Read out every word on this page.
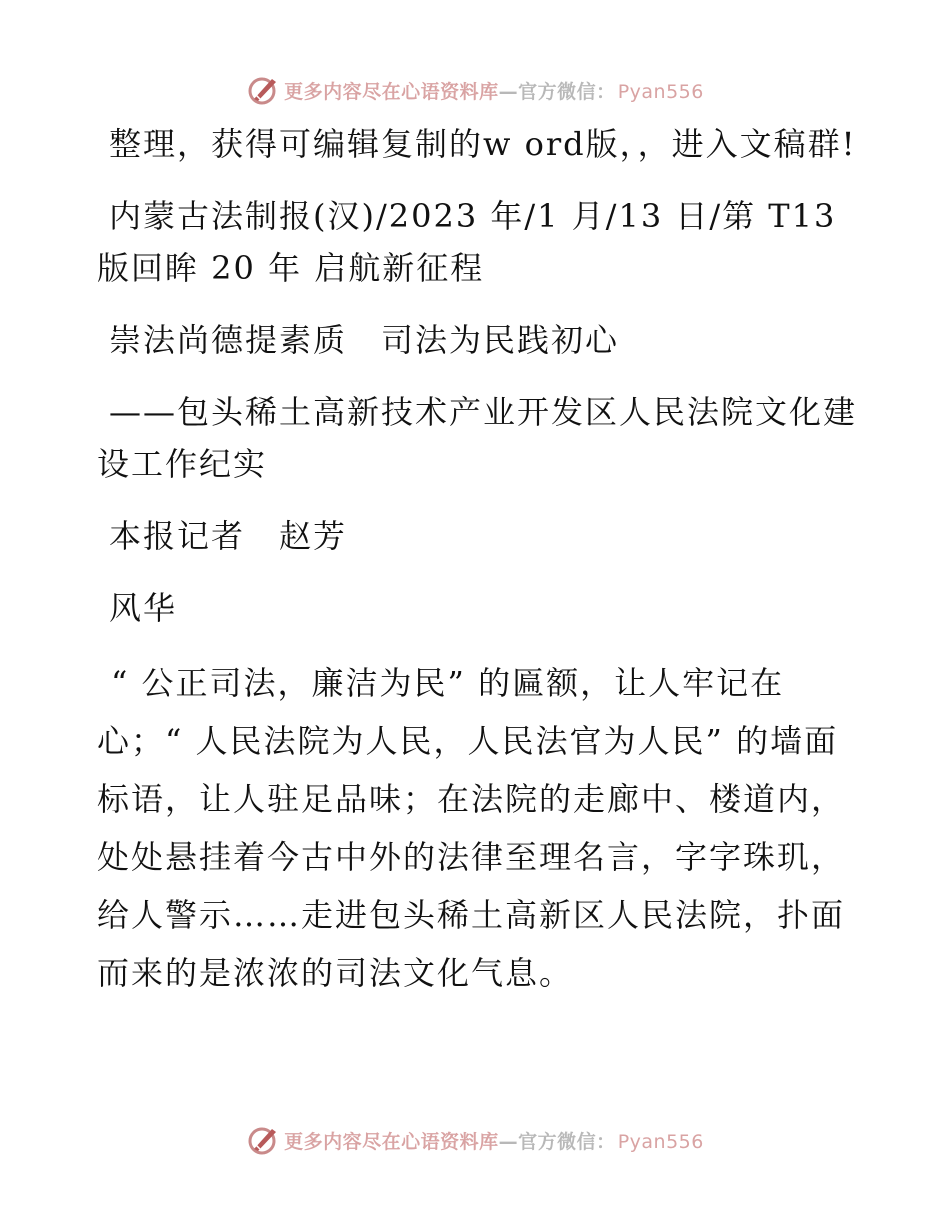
更多内容尽在心语资料库—官方微信： Pyan556

整理，获得可编辑复制的w ord版，，进入文稿群!

内蒙古法制报(汉)/2023 年/1 月/13 日/第 T13 版回眸 20 年 启航新征程

崇法尚德提素质　司法为民践初心

——包头稀土高新技术产业开发区人民法院文化建设工作纪实

本报记者　赵芳

风华

“ 公正司法，廉洁为民” 的匾额，让人牢记在心；“ 人民法院为人民，人民法官为人民” 的墙面标语，让人驻足品味；在法院的走廊中、楼道内，处处悬挂着今古中外的法律至理名言，字字珠玑，给人警示……走进包头稀土高新区人民法院，扑面而来的是浓浓的司法文化气息。

更多内容尽在心语资料库—官方微信： Pyan556
